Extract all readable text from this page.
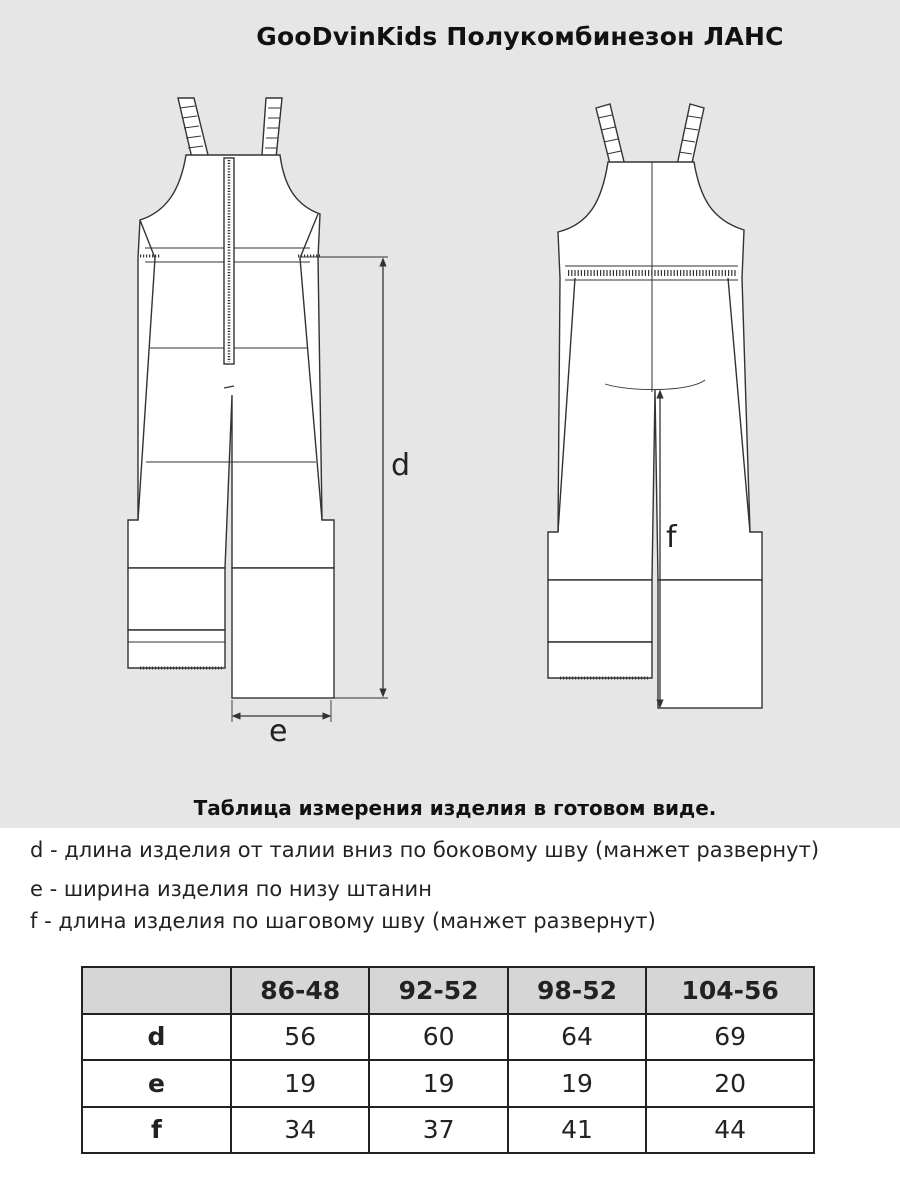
GooDvinKids Полукомбинезон ЛАНС
d
e
f
Таблица измерения изделия в готовом виде.
d - длина изделия от талии вниз по боковому шву (манжет развернут)
e - ширина изделия по низу штанин
f - длина изделия по шаговому шву (манжет развернут)
	86-48	92-52	98-52	104-56
d	56	60	64	69
e	19	19	19	20
f	34	37	41	44
